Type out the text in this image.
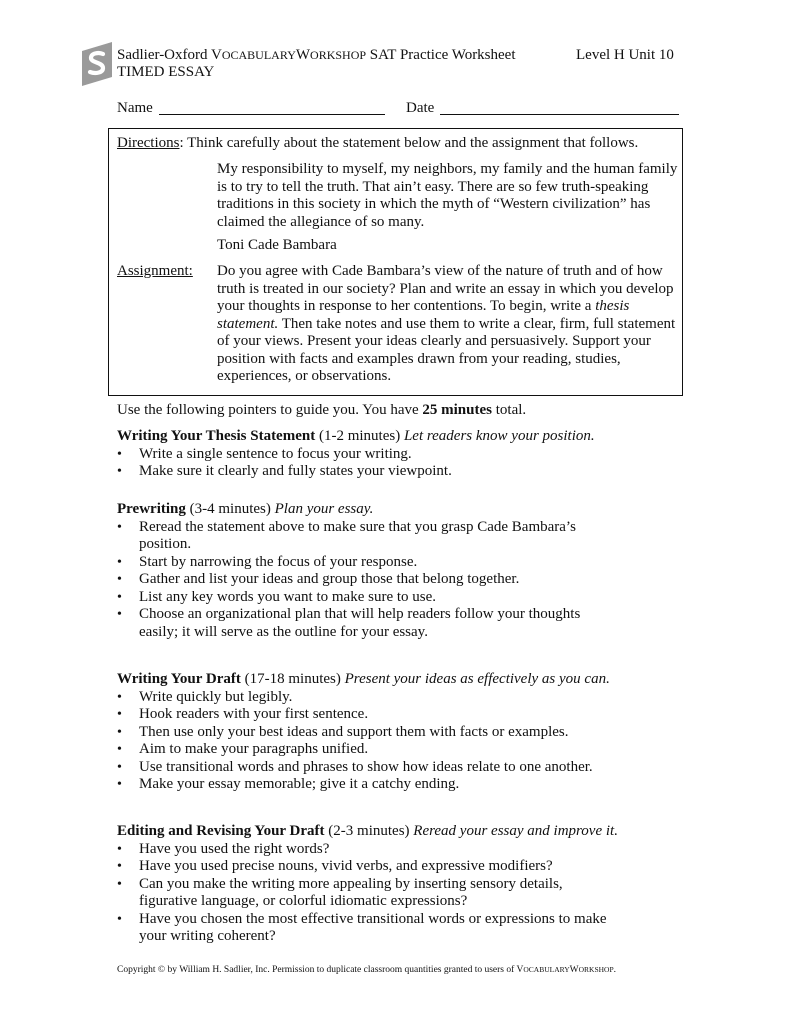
Sadlier-Oxford VOCABULARYWORKSHOP SAT Practice Worksheet
TIMED ESSAY
Level H Unit 10
Name	Date
Directions: Think carefully about the statement below and the assignment that follows.
My responsibility to myself, my neighbors, my family and the human family
is to try to tell the truth. That ain’t easy. There are so few truth-speaking
traditions in this society in which the myth of “Western civilization” has
claimed the allegiance of so many.
Toni Cade Bambara
Assignment: Do you agree with Cade Bambara’s view of the nature of truth and of how
truth is treated in our society? Plan and write an essay in which you develop
your thoughts in response to her contentions. To begin, write a thesis
statement. Then take notes and use them to write a clear, firm, full statement
of your views. Present your ideas clearly and persuasively. Support your
position with facts and examples drawn from your reading, studies,
experiences, or observations.
Use the following pointers to guide you. You have 25 minutes total.

Writing Your Thesis Statement (1-2 minutes) Let readers know your position.

• Write a single sentence to focus your writing.
• Make sure it clearly and fully states your viewpoint.

Prewriting (3-4 minutes) Plan your essay.

• Reread the statement above to make sure that you grasp Cade Bambara’s position.
• Start by narrowing the focus of your response.
• Gather and list your ideas and group those that belong together.
• List any key words you want to make sure to use.
• Choose an organizational plan that will help readers follow your thoughts easily; it will serve as the outline for your essay.

Writing Your Draft (17-18 minutes) Present your ideas as effectively as you can.

• Write quickly but legibly.
• Hook readers with your first sentence.
• Then use only your best ideas and support them with facts or examples.
• Aim to make your paragraphs unified.
• Use transitional words and phrases to show how ideas relate to one another.
• Make your essay memorable; give it a catchy ending.

Editing and Revising Your Draft (2-3 minutes) Reread your essay and improve it.

• Have you used the right words?
• Have you used precise nouns, vivid verbs, and expressive modifiers?
• Can you make the writing more appealing by inserting sensory details, figurative language, or colorful idiomatic expressions?
• Have you chosen the most effective transitional words or expressions to make your writing coherent?
Copyright © by William H. Sadlier, Inc. Permission to duplicate classroom quantities granted to users of VOCABULARYWORKSHOP.
